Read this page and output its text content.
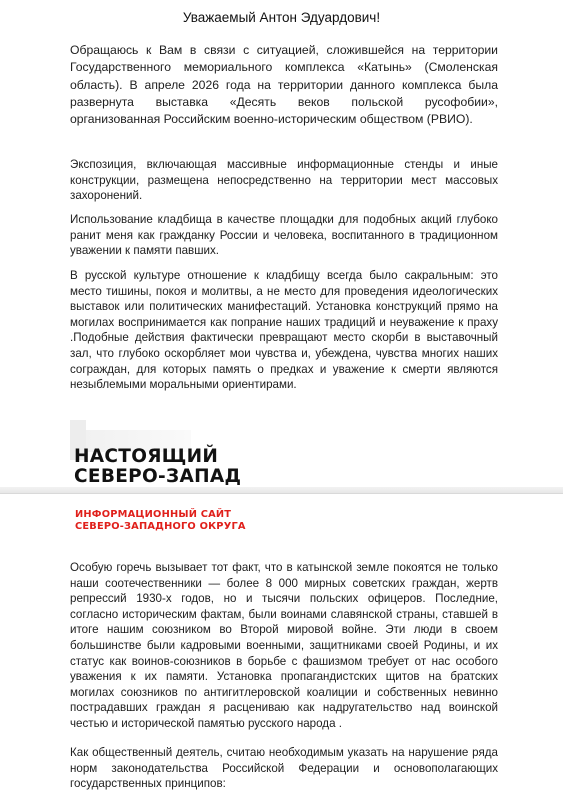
Уважаемый Антон Эдуардович!

Обращаюсь к Вам в связи с ситуацией, сложившейся на территории Государственного мемориального комплекса «Катынь» (Смоленская область). В апреле 2026 года на территории данного комплекса была развернута выставка «Десять веков польской русофобии», организованная Российским военно-историческим обществом (РВИО).

Экспозиция, включающая массивные информационные стенды и иные конструкции, размещена непосредственно на территории мест массовых захоронений.

Использование кладбища в качестве площадки для подобных акций глубоко ранит меня как гражданку России и человека, воспитанного в традиционном уважении к памяти павших.

В русской культуре отношение к кладбищу всегда было сакральным: это место тишины, покоя и молитвы, а не место для проведения идеологических выставок или политических манифестаций. Установка конструкций прямо на могилах воспринимается как попрание наших традиций и неуважение к праху .Подобные действия фактически превращают место скорби в выставочный зал, что глубоко оскорбляет мои чувства и, убеждена, чувства многих наших сограждан, для которых память о предках и уважение к смерти являются незыблемыми моральными ориентирами.

Особую горечь вызывает тот факт, что в катынской земле покоятся не только наши соотечественники — более 8 000 мирных советских граждан, жертв репрессий 1930-х годов, но и тысячи польских офицеров. Последние, согласно историческим фактам, были воинами славянской страны, ставшей в итоге нашим союзником во Второй мировой войне. Эти люди в своем большинстве были кадровыми военными, защитниками своей Родины, и их статус как воинов-союзников в борьбе с фашизмом требует от нас особого уважения к их памяти. Установка пропагандистских щитов на братских могилах союзников по антигитлеровской коалиции и собственных невинно пострадавших граждан я расцениваю как надругательство над воинской честью и исторической памятью русского народа .

Как общественный деятель, считаю необходимым указать на нарушение ряда норм законодательства Российской Федерации и основополагающих государственных принципов:

НАСТОЯЩИЙ
СЕВЕРО-ЗАПАД
ИНФОРМАЦИОННЫЙ САЙТ
СЕВЕРО-ЗАПАДНОГО ОКРУГА
